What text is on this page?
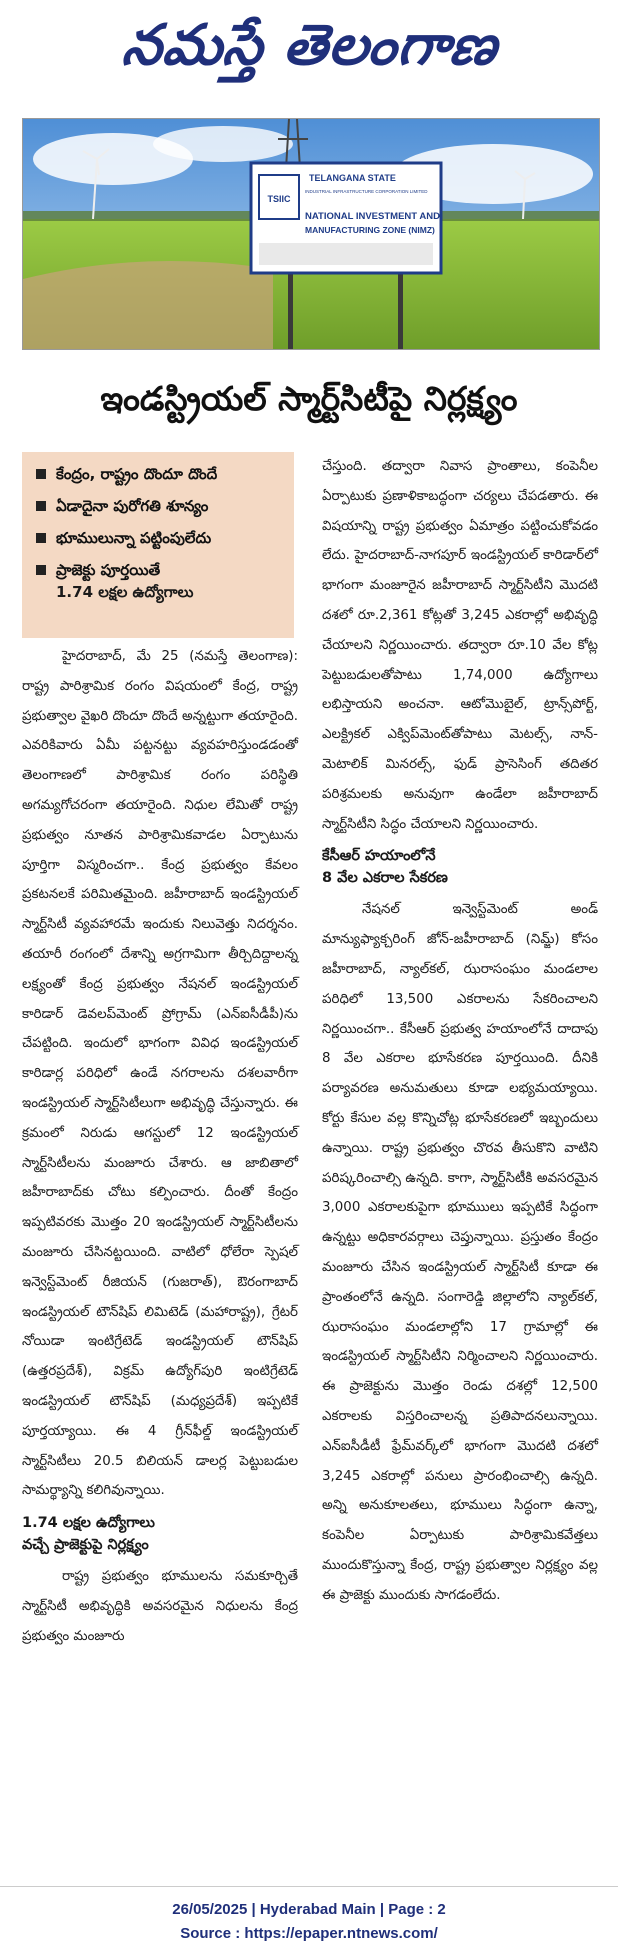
నమస్తే తెలంగాణ
TSIIC
TELANGANA STATE
INDUSTRIAL INFRASTRUCTURE CORPORATION LIMITED
NATIONAL INVESTMENT AND
MANUFACTURING ZONE (NIMZ)
ఇండస్ట్రియల్ స్మార్ట్‌సిటీపై నిర్లక్ష్యం
కేంద్రం, రాష్ట్రం దొందూ దొందే
ఏడాదైనా పురోగతి శూన్యం
భూములున్నా పట్టింపులేదు
ప్రాజెక్టు పూర్తయితే
1.74 లక్షల ఉద్యోగాలు

హైదరాబాద్, మే 25 (నమస్తే తెలంగాణ): రాష్ట్ర పారిశ్రామిక రంగం విషయంలో కేంద్ర, రాష్ట్ర ప్రభుత్వాల వైఖరి దొందూ దొందే అన్నట్టుగా తయారైంది. ఎవరికివారు ఏమీ పట్టనట్టు వ్యవహరిస్తుండడంతో తెలంగాణలో పారిశ్రామిక రంగం పరిస్థితి అగమ్యగోచరంగా తయారైంది. నిధుల లేమితో రాష్ట్ర ప్రభుత్వం నూతన పారిశ్రామికవాడల ఏర్పాటును పూర్తిగా విస్మరించగా.. కేంద్ర ప్రభుత్వం కేవలం ప్రకటనలకే పరిమితమైంది. జహీరాబాద్ ఇండస్ట్రియల్ స్మార్ట్‌సిటీ వ్యవహారమే ఇందుకు నిలువెత్తు నిదర్శనం. తయారీ రంగంలో దేశాన్ని అగ్రగామిగా తీర్చిదిద్దాలన్న లక్ష్యంతో కేంద్ర ప్రభుత్వం నేషనల్ ఇండస్ట్రియల్ కారిడార్ డెవలప్‌మెంట్ ప్రోగ్రామ్ (ఎన్‌ఐసీడీపీ)ను చేపట్టింది. ఇందులో భాగంగా వివిధ ఇండస్ట్రియల్ కారిడార్ల పరిధిలో ఉండే నగరాలను దశలవారీగా ఇండస్ట్రియల్ స్మార్ట్‌సిటీలుగా అభివృద్ధి చేస్తున్నారు. ఈ క్రమంలో నిరుడు ఆగస్టులో 12 ఇండస్ట్రియల్ స్మార్ట్‌సిటీలను మంజూరు చేశారు. ఆ జాబితాలో జహీరాబాద్‌కు చోటు కల్పించారు. దీంతో కేంద్రం ఇప్పటివరకు మొత్తం 20 ఇండస్ట్రియల్ స్మార్ట్‌సిటీలను మంజూరు చేసినట్టయింది. వాటిలో ధోలేరా స్పెషల్ ఇన్వెస్ట్‌మెంట్ రీజియన్ (గుజరాత్), ఔరంగాబాద్ ఇండస్ట్రియల్ టౌన్‌షిప్ లిమిటెడ్ (మహారాష్ట్ర), గ్రేటర్ నోయిడా ఇంటిగ్రేటెడ్ ఇండస్ట్రియల్ టౌన్‌షిప్ (ఉత్తరప్రదేశ్), విక్రమ్ ఉద్యోగ్‌పురి ఇంటిగ్రేటెడ్ ఇండస్ట్రియల్ టౌన్‌షిప్ (మధ్యప్రదేశ్) ఇప్పటికే పూర్తయ్యాయి. ఈ 4 గ్రీన్‌ఫీల్డ్ ఇండస్ట్రియల్ స్మార్ట్‌సిటీలు 20.5 బిలియన్ డాలర్ల పెట్టుబడుల సామర్థ్యాన్ని కలిగివున్నాయి.

1.74 లక్షల ఉద్యోగాలు
వచ్చే ప్రాజెక్టుపై నిర్లక్ష్యం

రాష్ట్ర ప్రభుత్వం భూములను సమకూర్చితే స్మార్ట్‌సిటీ అభివృద్ధికి అవసరమైన నిధులను కేంద్ర ప్రభుత్వం మంజూరు

చేస్తుంది. తద్వారా నివాస ప్రాంతాలు, కంపెనీల ఏర్పాటుకు ప్రణాళికాబద్ధంగా చర్యలు చేపడతారు. ఈ విషయాన్ని రాష్ట్ర ప్రభుత్వం ఏమాత్రం పట్టించుకోవడం లేదు. హైదరాబాద్-నాగపూర్ ఇండస్ట్రియల్ కారిడార్‌లో భాగంగా మంజూరైన జహీరాబాద్ స్మార్ట్‌సిటీని మొదటి దశలో రూ.2,361 కోట్లతో 3,245 ఎకరాల్లో అభివృద్ధి చేయాలని నిర్ణయించారు. తద్వారా రూ.10 వేల కోట్ల పెట్టుబడులతోపాటు 1,74,000 ఉద్యోగాలు లభిస్తాయని అంచనా. ఆటోమొబైల్, ట్రాన్స్‌పోర్ట్, ఎలక్ట్రికల్ ఎక్విప్‌మెంట్‌తోపాటు మెటల్స్, నాన్-మెటాలిక్ మినరల్స్, ఫుడ్ ప్రాసెసింగ్ తదితర పరిశ్రమలకు అనువుగా ఉండేలా జహీరాబాద్ స్మార్ట్‌సిటీని సిద్ధం చేయాలని నిర్ణయించారు.

కేసీఆర్ హయాంలోనే
8 వేల ఎకరాల సేకరణ

నేషనల్ ఇన్వెస్ట్‌మెంట్ అండ్ మాన్యుఫ్యాక్చరింగ్ జోన్-జహీరాబాద్ (నిమ్జ్) కోసం జహీరాబాద్, న్యాల్‌కల్, ఝరాసంఘం మండలాల పరిధిలో 13,500 ఎకరాలను సేకరించాలని నిర్ణయించగా.. కేసీఆర్ ప్రభుత్వ హయాంలోనే దాదాపు 8 వేల ఎకరాల భూసేకరణ పూర్తయింది. దీనికి పర్యావరణ అనుమతులు కూడా లభ్యమయ్యాయి. కోర్టు కేసుల వల్ల కొన్నిచోట్ల భూసేకరణలో ఇబ్బందులు ఉన్నాయి. రాష్ట్ర ప్రభుత్వం చొరవ తీసుకొని వాటిని పరిష్కరించాల్సి ఉన్నది. కాగా, స్మార్ట్‌సిటీకి అవసరమైన 3,000 ఎకరాలకుపైగా భూముులు ఇప్పటికే సిద్ధంగా ఉన్నట్టు అధికారవర్గాలు చెప్తున్నాయి. ప్రస్తుతం కేంద్రం మంజూరు చేసిన ఇండస్ట్రియల్ స్మార్ట్‌సిటీ కూడా ఈ ప్రాంతంలోనే ఉన్నది. సంగారెడ్డి జిల్లాలోని న్యాల్‌కల్, ఝరాసంఘం మండలాల్లోని 17 గ్రామాల్లో ఈ ఇండస్ట్రియల్ స్మార్ట్‌సిటీని నిర్మించాలని నిర్ణయించారు. ఈ ప్రాజెక్టును మొత్తం రెండు దశల్లో 12,500 ఎకరాలకు విస్తరించాలన్న ప్రతిపాదనలున్నాయి. ఎన్‌ఐసీడీటీ ఫ్రేమ్‌వర్క్‌లో భాగంగా మొదటి దశలో 3,245 ఎకరాల్లో పనులు ప్రారంభించాల్సి ఉన్నది. అన్ని అనుకూలతలు, భూములు సిద్ధంగా ఉన్నా, కంపెనీల ఏర్పాటుకు పారిశ్రామికవేత్తలు ముందుకొస్తున్నా కేంద్ర, రాష్ట్ర ప్రభుత్వాల నిర్లక్ష్యం వల్ల ఈ ప్రాజెక్టు ముందుకు సాగడంలేదు.

26/05/2025 | Hyderabad Main | Page : 2
Source : https://epaper.ntnews.com/
